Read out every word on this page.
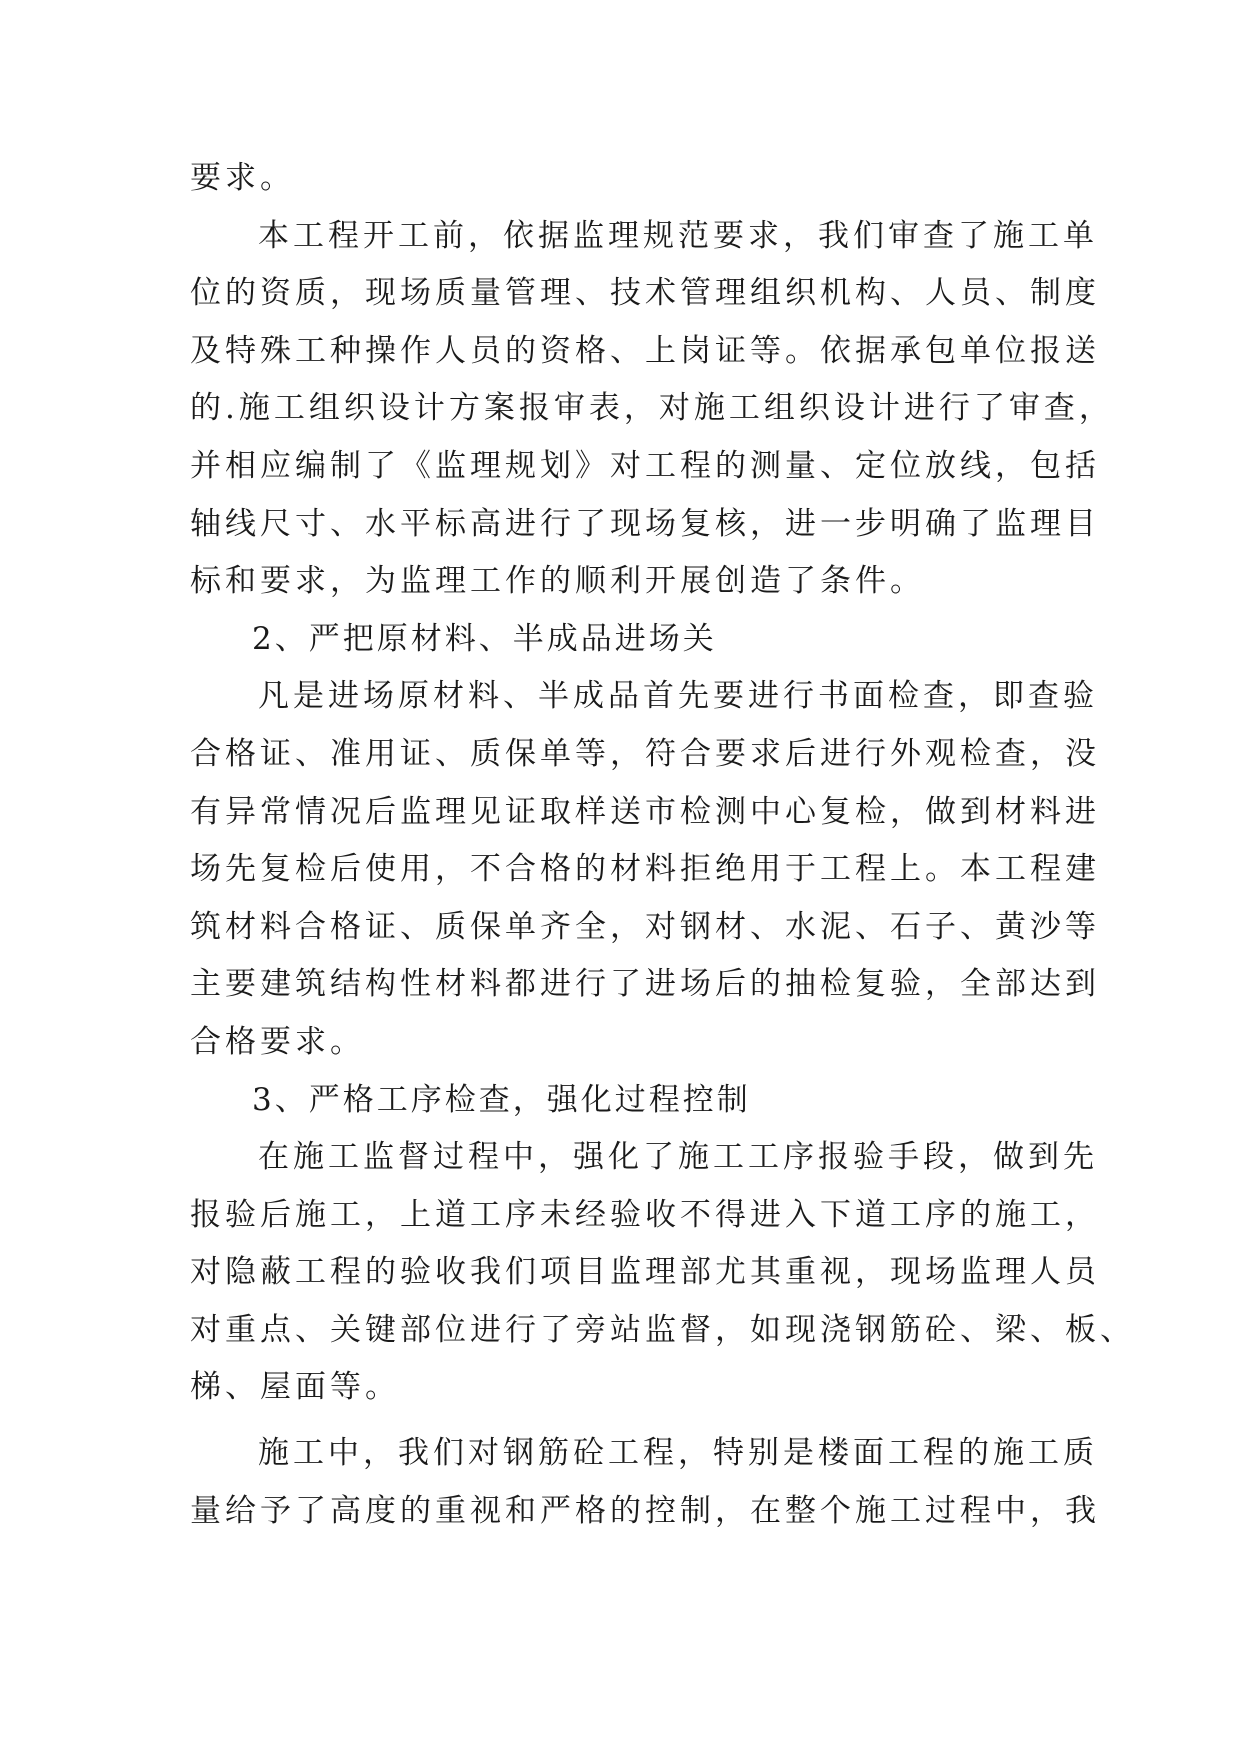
要求。
本工程开工前，依据监理规范要求，我们审查了施工单
位的资质，现场质量管理、技术管理组织机构、人员、制度
及特殊工种操作人员的资格、上岗证等。依据承包单位报送
的.施工组织设计方案报审表，对施工组织设计进行了审查，
并相应编制了《监理规划》对工程的测量、定位放线，包括
轴线尺寸、水平标高进行了现场复核，进一步明确了监理目
标和要求，为监理工作的顺利开展创造了条件。
2、严把原材料、半成品进场关
凡是进场原材料、半成品首先要进行书面检查，即查验
合格证、准用证、质保单等，符合要求后进行外观检查，没
有异常情况后监理见证取样送市检测中心复检，做到材料进
场先复检后使用，不合格的材料拒绝用于工程上。本工程建
筑材料合格证、质保单齐全，对钢材、水泥、石子、黄沙等
主要建筑结构性材料都进行了进场后的抽检复验，全部达到
合格要求。
3、严格工序检查，强化过程控制
在施工监督过程中，强化了施工工序报验手段，做到先
报验后施工，上道工序未经验收不得进入下道工序的施工，
对隐蔽工程的验收我们项目监理部尤其重视，现场监理人员
对重点、关键部位进行了旁站监督，如现浇钢筋砼、梁、板、
梯、屋面等。
施工中，我们对钢筋砼工程，特别是楼面工程的施工质
量给予了高度的重视和严格的控制，在整个施工过程中，我
